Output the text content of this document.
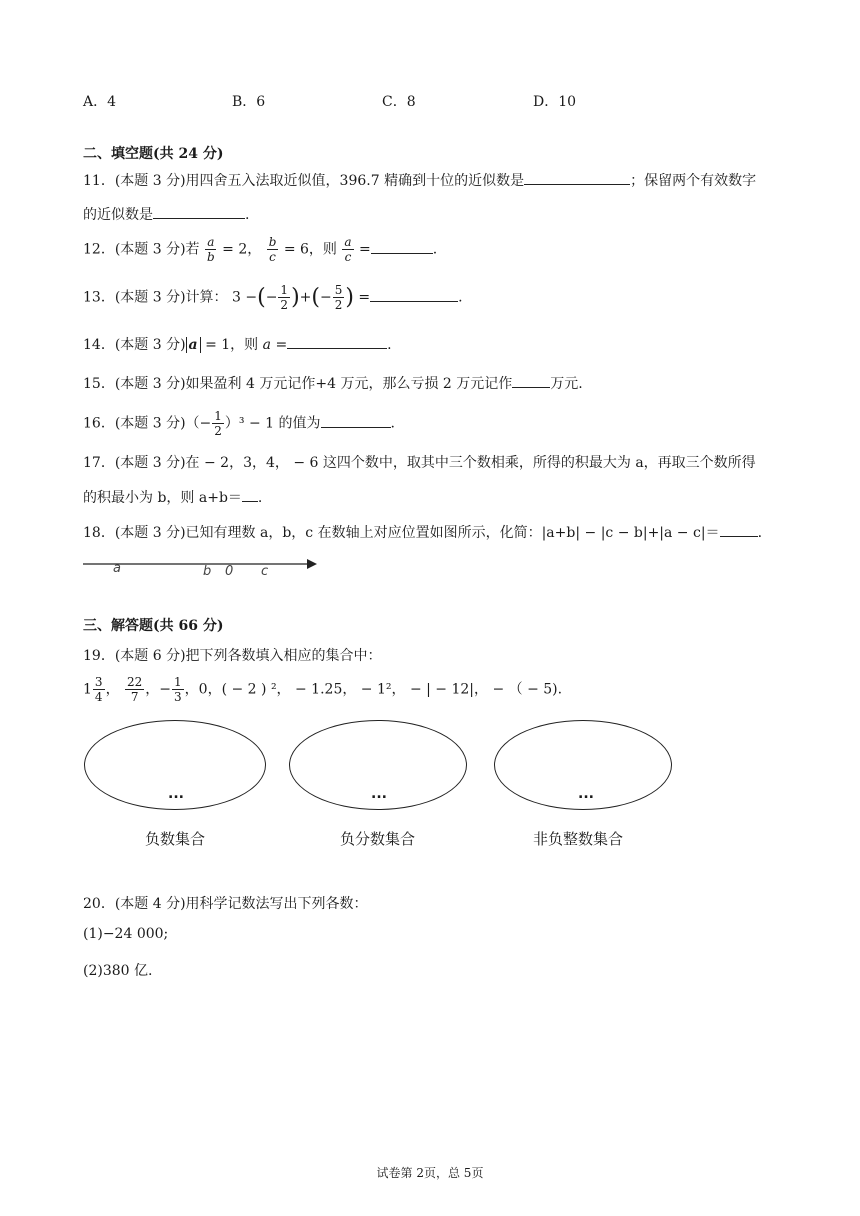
A．4	B．6	C．8	D．10
二、填空题(共 24 分)
11．(本题 3 分)用四舍五入法取近似值，396.7 精确到十位的近似数是	；保留两个有效数字
的近似数是	.
12．(本题 3 分)若 $\frac{a}{b} = 2$， $\frac{b}{c} = 6$，则 $\frac{a}{c}$ =	.
13．(本题 3 分)计算： 3 −(− $\frac{1}{2}$ )+(− $\frac{5}{2}$ ) =	.
14．(本题 3 分) a = 1，则 a =	.
15．(本题 3 分)如果盈利 4 万元记作+4 万元，那么亏损 2 万元记作	万元.
16．(本题 3 分)（− $\frac{1}{2} )^3 - 1$ 的值为	.
17．(本题 3 分)在 − 2，3，4， − 6 这四个数中，取其中三个数相乘，所得的积最大为 a，再取三个数所得
的积最小为 b，则 a+b＝ .
18．(本题 3 分)已知有理数 a，b，c 在数轴上对应位置如图所示，化简：|a+b| − |c − b|+|a − c|＝	.
a	b 0 c
三、解答题(共 66 分)
19．(本题 6 分)把下列各数填入相应的集合中：
$1 \frac{3}{4}$ ， $\frac{22}{7}$ ，− $\frac{1}{3}$ ，0，( − 2 ) ²， − 1.25， − 1²， − | − 12|， − （ − 5).
...
负数集合
...
负分数集合
...
非负整数集合
20．(本题 4 分)用科学记数法写出下列各数：
(1)−24 000;
(2)380 亿.
试卷第 2页，总 5页
